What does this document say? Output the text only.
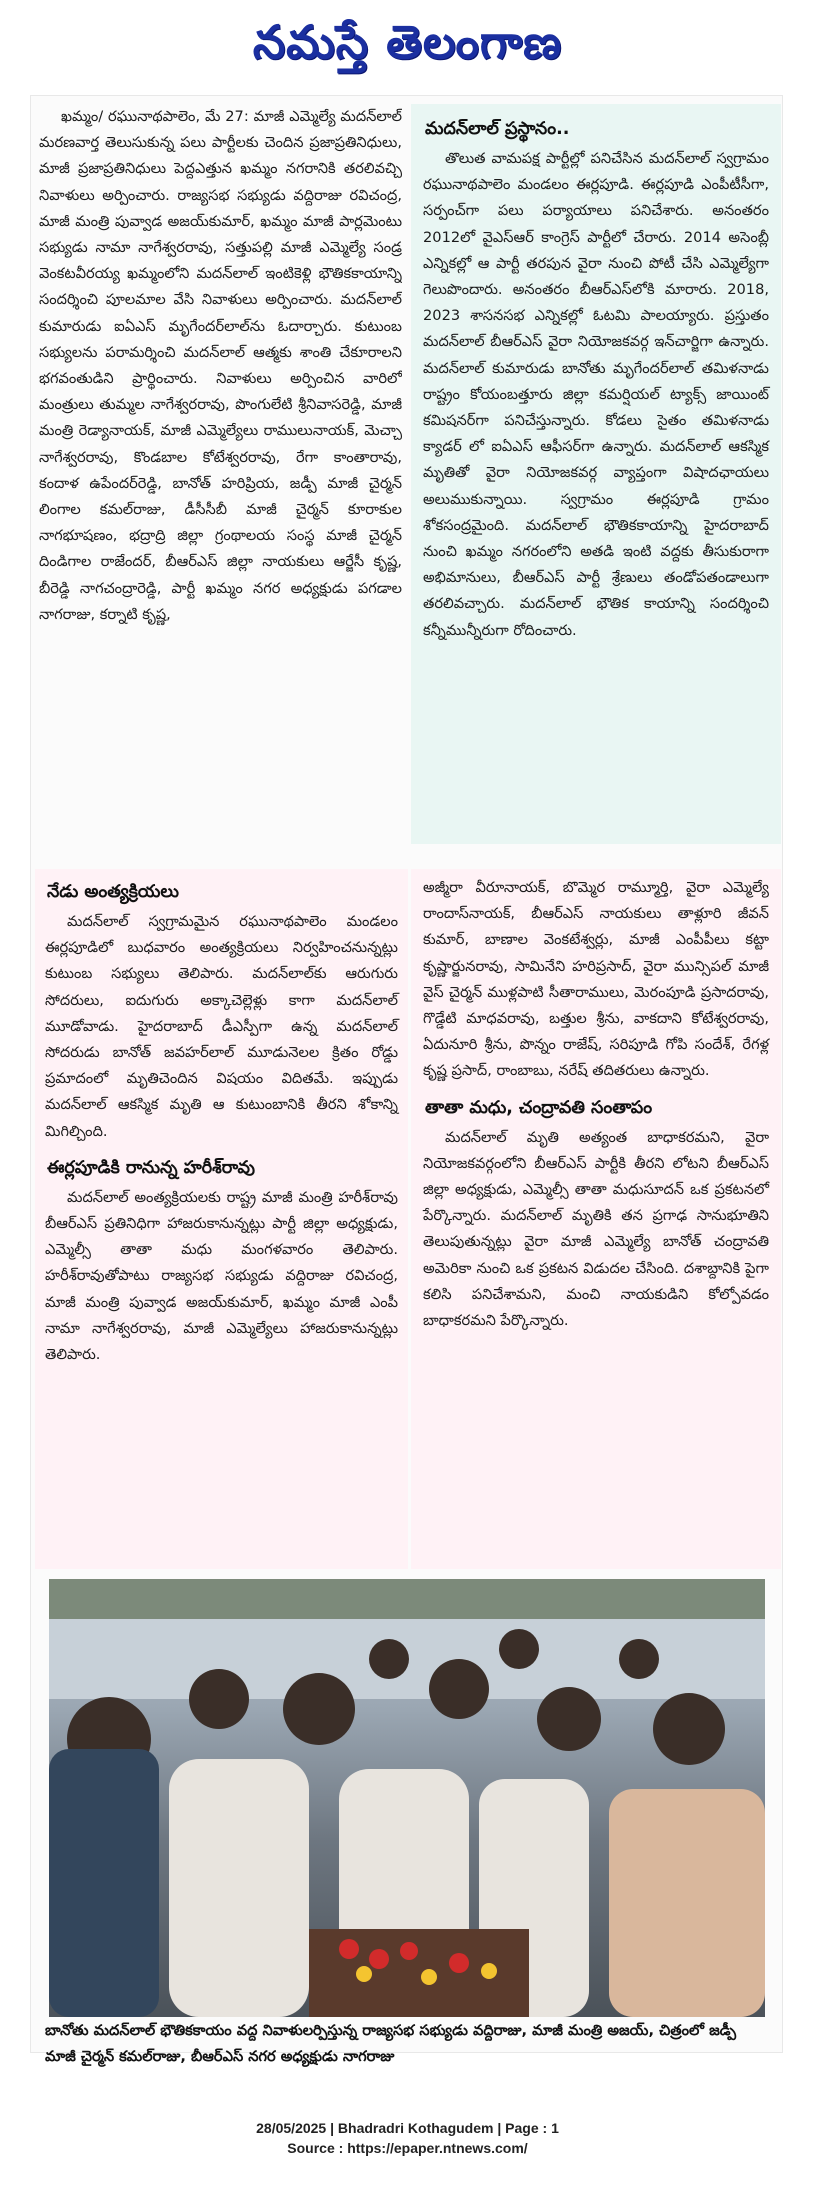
నమస్తే తెలంగాణ

ఖమ్మం/ రఘునాథపాలెం, మే 27: మాజీ ఎమ్మెల్యే మదన్‌లాల్ మరణవార్త తెలుసుకున్న పలు పార్టీలకు చెందిన ప్రజాప్రతినిధులు, మాజీ ప్రజాప్రతినిధులు పెద్దఎత్తున ఖమ్మం నగరానికి తరలివచ్చి నివాళులు అర్పించారు. రాజ్యసభ సభ్యుడు వద్దిరాజు రవిచంద్ర, మాజీ మంత్రి పువ్వాడ అజయ్‌కుమార్, ఖమ్మం మాజీ పార్లమెంటు సభ్యుడు నామా నాగేశ్వరరావు, సత్తుపల్లి మాజీ ఎమ్మెల్యే సండ్ర వెంకటవీరయ్య ఖమ్మంలోని మదన్‌లాల్ ఇంటికెళ్లి భౌతికకాయాన్ని సందర్శించి పూలమాల వేసి నివాళులు అర్పించారు. మదన్‌లాల్ కుమారుడు ఐఏఎస్ మృగేందర్‌లాల్‌ను ఓదార్చారు. కుటుంబ సభ్యులను పరామర్శించి మదన్‌లాల్ ఆత్మకు శాంతి చేకూరాలని భగవంతుడిని ప్రార్థించారు. నివాళులు అర్పించిన వారిలో మంత్రులు తుమ్మల నాగేశ్వరరావు, పొంగులేటి శ్రీనివాసరెడ్డి, మాజీ మంత్రి రెడ్యానాయక్, మాజీ ఎమ్మెల్యేలు రాములునాయక్, మెచ్చా నాగేశ్వరరావు, కొండబాల కోటేశ్వరరావు, రేగా కాంతారావు, కందాళ ఉపేందర్‌రెడ్డి, బానోత్ హరిప్రియ, జడ్పీ మాజీ చైర్మన్ లింగాల కమల్‌రాజు, డీసీసీబీ మాజీ చైర్మన్ కూరాకుల నాగభూషణం, భద్రాద్రి జిల్లా గ్రంథాలయ సంస్థ మాజీ చైర్మన్ దిండిగాల రాజేందర్, బీఆర్‌ఎస్ జిల్లా నాయకులు ఆర్జేసీ కృష్ణ, బీరెడ్డి నాగచంద్రారెడ్డి, పార్టీ ఖమ్మం నగర అధ్యక్షుడు పగడాల నాగరాజు, కర్నాటి కృష్ణ,

మదన్‌లాల్ ప్రస్థానం..

తొలుత వామపక్ష పార్టీల్లో పనిచేసిన మదన్‌లాల్ స్వగ్రామం రఘునాథపాలెం మండలం ఈర్లపూడి. ఈర్లపూడి ఎంపీటీసీగా, సర్పంచ్‌గా పలు పర్యాయాలు పనిచేశారు. అనంతరం 2012లో వైఎస్‌ఆర్ కాంగ్రెస్ పార్టీలో చేరారు. 2014 అసెంబ్లీ ఎన్నికల్లో ఆ పార్టీ తరపున వైరా నుంచి పోటీ చేసి ఎమ్మెల్యేగా గెలుపొందారు. అనంతరం బీఆర్‌ఎస్‌లోకి మారారు. 2018, 2023 శాసనసభ ఎన్నికల్లో ఓటమి పాలయ్యారు. ప్రస్తుతం మదన్‌లాల్ బీఆర్‌ఎస్ వైరా నియోజకవర్గ ఇన్‌చార్జిగా ఉన్నారు. మదన్‌లాల్ కుమారుడు బానోతు మృగేందర్‌లాల్ తమిళనాడు రాష్ట్రం కోయంబత్తూరు జిల్లా కమర్షియల్ ట్యాక్స్ జాయింట్ కమిషనర్‌గా పనిచేస్తున్నారు. కోడలు సైతం తమిళనాడు క్యాడర్ లో ఐఏఎస్ ఆఫీసర్‌గా ఉన్నారు. మదన్‌లాల్ ఆకస్మిక మృతితో వైరా నియోజకవర్గ వ్యాప్తంగా విషాదఛాయలు అలుముకున్నాయి. స్వగ్రామం ఈర్లపూడి గ్రామం శోకసంద్రమైంది. మదన్‌లాల్ భౌతికకాయాన్ని హైదరాబాద్ నుంచి ఖమ్మం నగరంలోని అతడి ఇంటి వద్దకు తీసుకురాగా అభిమానులు, బీఆర్‌ఎస్ పార్టీ శ్రేణులు తండోపతండాలుగా తరలివచ్చారు. మదన్‌లాల్ భౌతిక కాయాన్ని సందర్శించి కన్నీమున్నీరుగా రోదించారు.

నేడు అంత్యక్రియలు

మదన్‌లాల్ స్వగ్రామమైన రఘునాథపాలెం మండలం ఈర్లపూడిలో బుధవారం అంత్యక్రియలు నిర్వహించనున్నట్లు కుటుంబ సభ్యులు తెలిపారు. మదన్‌లాల్‌కు ఆరుగురు సోదరులు, ఐదుగురు అక్కాచెల్లెళ్లు కాగా మదన్‌లాల్ మూడోవాడు. హైదరాబాద్ డీఎస్పీగా ఉన్న మదన్‌లాల్ సోదరుడు బానోత్ జవహర్‌లాల్ మూడునెలల క్రితం రోడ్డు ప్రమాదంలో మృతిచెందిన విషయం విదితమే. ఇప్పుడు మదన్‌లాల్ ఆకస్మిక మృతి ఆ కుటుంబానికి తీరని శోకాన్ని మిగిల్చింది.

ఈర్లపూడికి రానున్న హరీశ్‌రావు

మదన్‌లాల్ అంత్యక్రియలకు రాష్ట్ర మాజీ మంత్రి హరీశ్‌రావు బీఆర్‌ఎస్ ప్రతినిధిగా హాజరుకానున్నట్లు పార్టీ జిల్లా అధ్యక్షుడు, ఎమ్మెల్సీ తాతా మధు మంగళవారం తెలిపారు. హరీశ్‌రావుతోపాటు రాజ్యసభ సభ్యుడు వద్దిరాజు రవిచంద్ర, మాజీ మంత్రి పువ్వాడ అజయ్‌కుమార్, ఖమ్మం మాజీ ఎంపీ నామా నాగేశ్వరరావు, మాజీ ఎమ్మెల్యేలు హాజరుకానున్నట్లు తెలిపారు.

అజ్మీరా వీరూనాయక్, బొమ్మెర రామ్మూర్తి, వైరా ఎమ్మెల్యే రాందాస్‌నాయక్, బీఆర్‌ఎస్ నాయకులు తాళ్లూరి జీవన్ కుమార్, బాణాల వెంకటేశ్వర్లు, మాజీ ఎంపీపీలు కట్టా కృష్ణార్జునరావు, సామినేని హరిప్రసాద్, వైరా మున్సిపల్ మాజీ వైస్ చైర్మన్ ముళ్లపాటి సీతారాములు, మెరంపూడి ప్రసాదరావు, గొడ్డేటి మాధవరావు, బత్తుల శ్రీను, వాకదాని కోటేశ్వరరావు, ఏదునూరి శ్రీను, పొన్నం రాజేష్, సరిపూడి గోపి సందేశ్, రేగళ్ల కృష్ణ ప్రసాద్, రాంబాబు, నరేష్ తదితరులు ఉన్నారు.

తాతా మధు, చంద్రావతి సంతాపం

మదన్‌లాల్ మృతి అత్యంత బాధాకరమని, వైరా నియోజకవర్గంలోని బీఆర్‌ఎస్ పార్టీకి తీరని లోటని బీఆర్‌ఎస్ జిల్లా అధ్యక్షుడు, ఎమ్మెల్సీ తాతా మధుసూదన్ ఒక ప్రకటనలో పేర్కొన్నారు. మదన్‌లాల్ మృతికి తన ప్రగాఢ సానుభూతిని తెలుపుతున్నట్లు వైరా మాజీ ఎమ్మెల్యే బానోత్ చంద్రావతి అమెరికా నుంచి ఒక ప్రకటన విడుదల చేసింది. దశాబ్దానికి పైగా కలిసి పనిచేశామని, మంచి నాయకుడిని కోల్పోవడం బాధాకరమని పేర్కొన్నారు.

బానోతు మదన్‌లాల్ భౌతికకాయం వద్ద నివాళులర్పిస్తున్న రాజ్యసభ సభ్యుడు వద్దిరాజు, మాజీ మంత్రి అజయ్, చిత్రంలో జడ్పీ మాజీ చైర్మన్ కమల్‌రాజు, బీఆర్‌ఎస్ నగర అధ్యక్షుడు నాగరాజు
28/05/2025 | Bhadradri Kothagudem | Page : 1
Source : https://epaper.ntnews.com/
